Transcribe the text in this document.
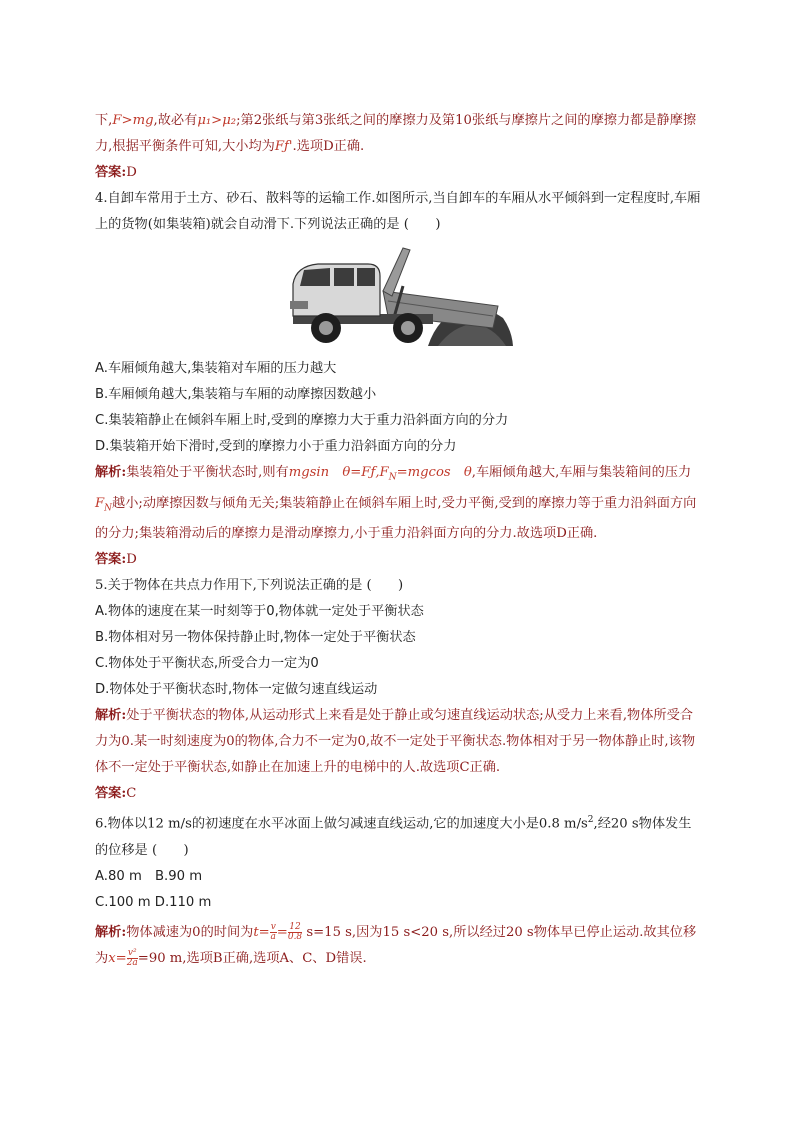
下,F>mg,故必有μ₁>μ₂;第2张纸与第3张纸之间的摩擦力及第10张纸与摩擦片之间的摩擦力都是静摩擦力,根据平衡条件可知,大小均为Fƒ'.选项D正确.

答案:D

4.自卸车常用于土方、砂石、散料等的运输工作.如图所示,当自卸车的车厢从水平倾斜到一定程度时,车厢上的货物(如集装箱)就会自动滑下.下列说法正确的是 (　　)

A.车厢倾角越大,集装箱对车厢的压力越大

B.车厢倾角越大,集装箱与车厢的动摩擦因数越小

C.集装箱静止在倾斜车厢上时,受到的摩擦力大于重力沿斜面方向的分力

D.集装箱开始下滑时,受到的摩擦力小于重力沿斜面方向的分力

解析:集装箱处于平衡状态时,则有mgsin　$\theta=Fƒ,F_N=mgcos$　θ,车厢倾角越大,车厢与集装箱间的压力$F_N$越小;动摩擦因数与倾角无关;集装箱静止在倾斜车厢上时,受力平衡,受到的摩擦力等于重力沿斜面方向的分力;集装箱滑动后的摩擦力是滑动摩擦力,小于重力沿斜面方向的分力.故选项D正确.

答案:D

5.关于物体在共点力作用下,下列说法正确的是 (　　)

A.物体的速度在某一时刻等于0,物体就一定处于平衡状态

B.物体相对另一物体保持静止时,物体一定处于平衡状态

C.物体处于平衡状态,所受合力一定为0

D.物体处于平衡状态时,物体一定做匀速直线运动

解析:处于平衡状态的物体,从运动形式上来看是处于静止或匀速直线运动状态;从受力上来看,物体所受合力为0.某一时刻速度为0的物体,合力不一定为0,故不一定处于平衡状态.物体相对于另一物体静止时,该物体不一定处于平衡状态,如静止在加速上升的电梯中的人.故选项C正确.

答案:C

6.物体以12 m/s的初速度在水平冰面上做匀减速直线运动,它的加速度大小是0.8 $m/s^2$,经20 s物体发生的位移是 (　　)

A.80 m　B.90 m

C.100 m D.110 m

解析:物体减速为0的时间为$t= \frac{v}{a} = \frac{12}{0.8} s=15$ s,因为15 s<20 s,所以经过20 s物体早已停止运动.故其位移为$x= \frac{\text{v²}}{2a} =90$ m,选项B正确,选项A、C、D错误.
